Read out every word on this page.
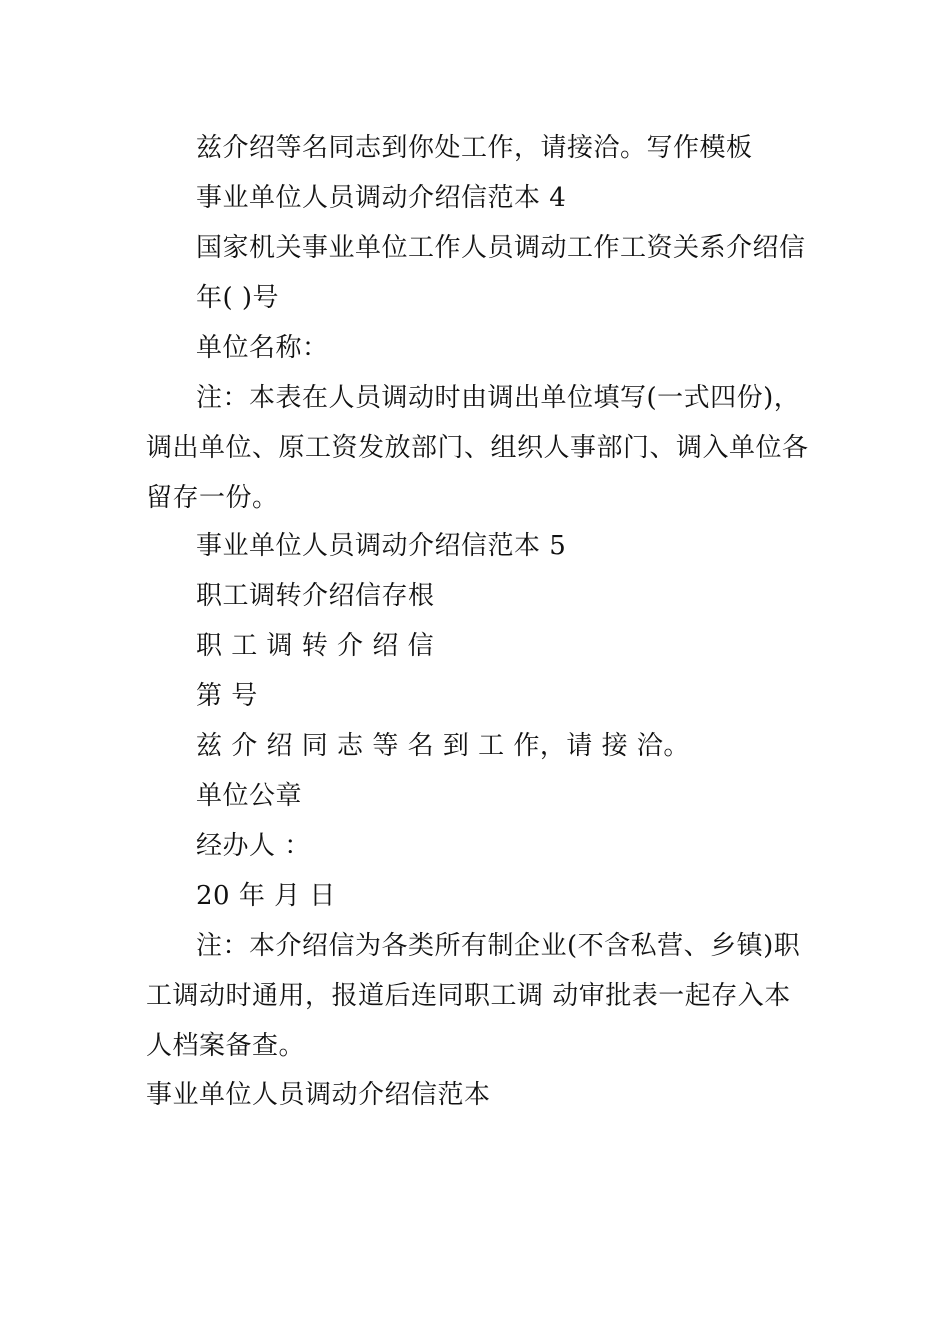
兹介绍等名同志到你处工作，请接洽。写作模板

事业单位人员调动介绍信范本 4

国家机关事业单位工作人员调动工作工资关系介绍信

年( )号

单位名称：

注：本表在人员调动时由调出单位填写(一式四份)，调出单位、原工资发放部门、组织人事部门、调入单位各留存一份。

事业单位人员调动介绍信范本 5

职工调转介绍信存根

职 工 调 转 介 绍 信

第 号

兹 介 绍 同 志 等 名 到 工 作，请 接 洽。

单位公章

经办人 ：

20 年 月 日

注：本介绍信为各类所有制企业(不含私营、乡镇)职工调动时通用，报道后连同职工调 动审批表一起存入本人档案备查。

事业单位人员调动介绍信范本
